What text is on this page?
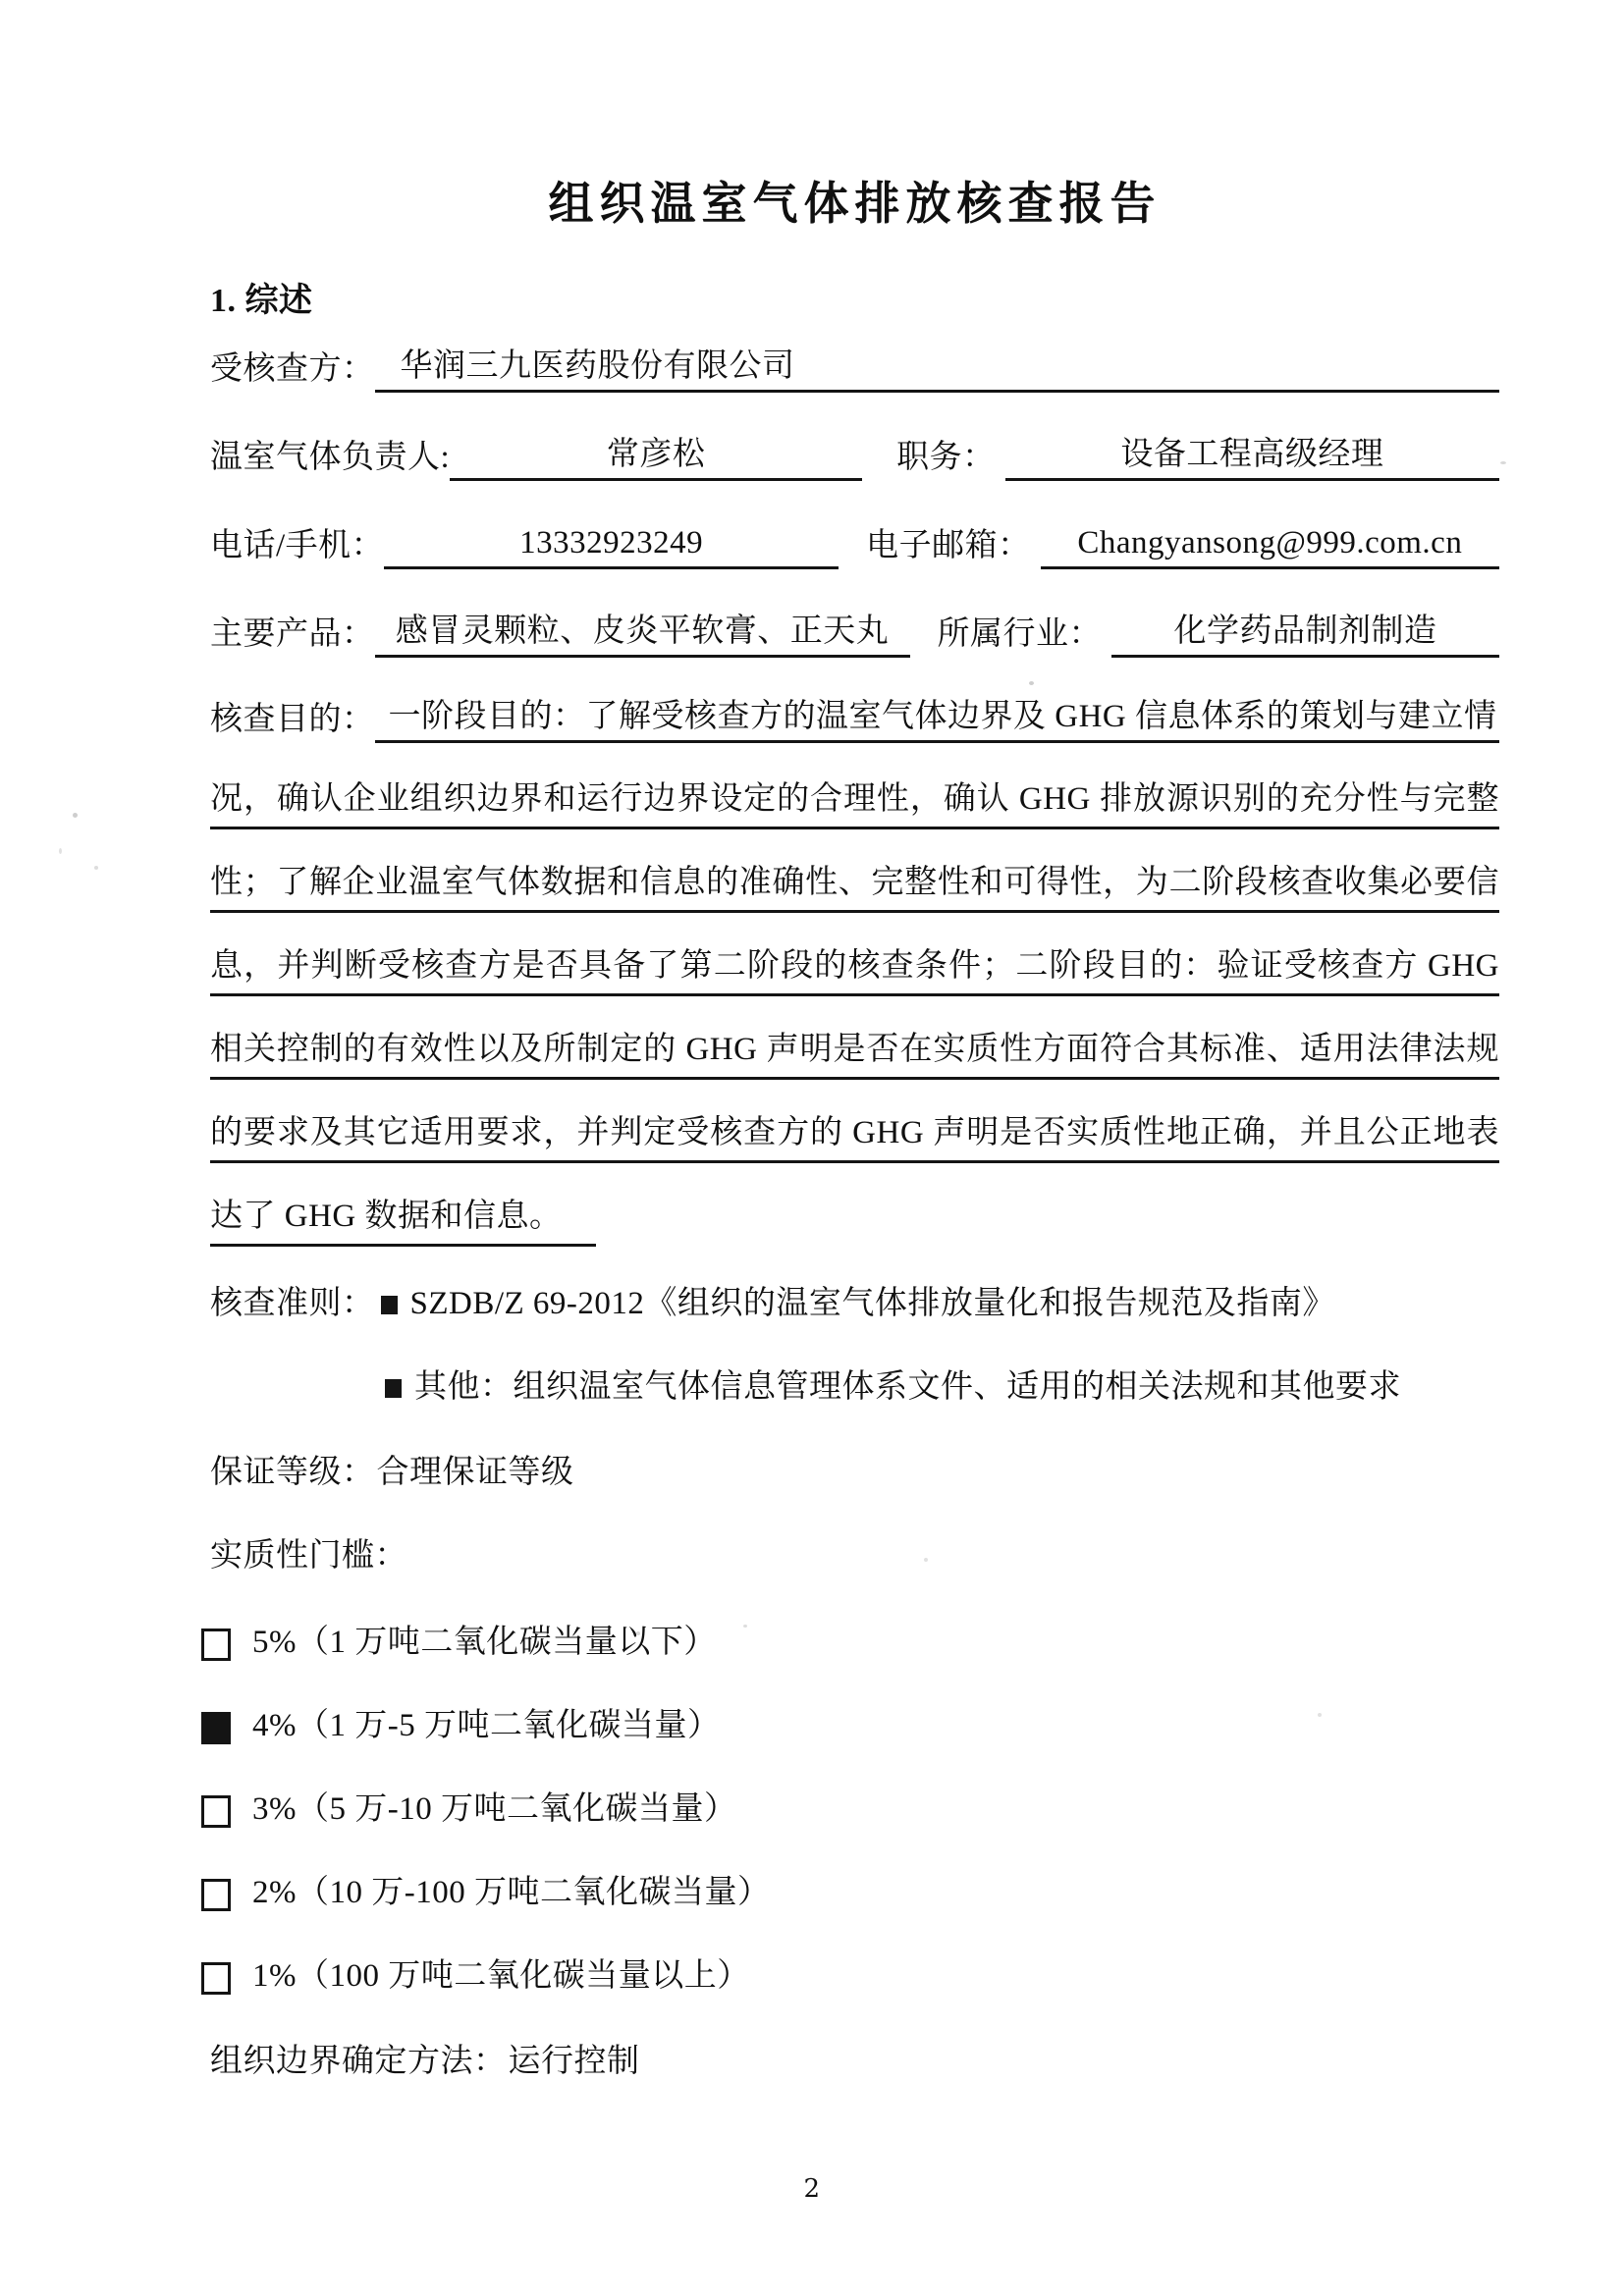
组织温室气体排放核查报告
1. 综述
受核查方： 华润三九医药股份有限公司
温室气体负责人:	常彦松	职务：	设备工程高级经理
电话/手机：	13332923249	电子邮箱：	Changyansong@999.com.cn
主要产品： 感冒灵颗粒、皮炎平软膏、正天丸	所属行业：	化学药品制剂制造
核查目的： 一阶段目的：了解受核查方的温室气体边界及 GHG 信息体系的策划与建立情
况，确认企业组织边界和运行边界设定的合理性，确认 GHG 排放源识别的充分性与完整
性；了解企业温室气体数据和信息的准确性、完整性和可得性，为二阶段核查收集必要信
息，并判断受核查方是否具备了第二阶段的核查条件；二阶段目的：验证受核查方 GHG
相关控制的有效性以及所制定的 GHG 声明是否在实质性方面符合其标准、适用法律法规
的要求及其它适用要求，并判定受核查方的 GHG 声明是否实质性地正确，并且公正地表
达了 GHG 数据和信息。
核查准则： SZDB/Z 69-2012《组织的温室气体排放量化和报告规范及指南》
其他：组织温室气体信息管理体系文件、适用的相关法规和其他要求
保证等级： 合理保证等级
实质性门槛：
5%（1 万吨二氧化碳当量以下）
4%（1 万-5 万吨二氧化碳当量）
3%（5 万-10 万吨二氧化碳当量）
2%（10 万-100 万吨二氧化碳当量）
1%（100 万吨二氧化碳当量以上）
组织边界确定方法： 运行控制
2
